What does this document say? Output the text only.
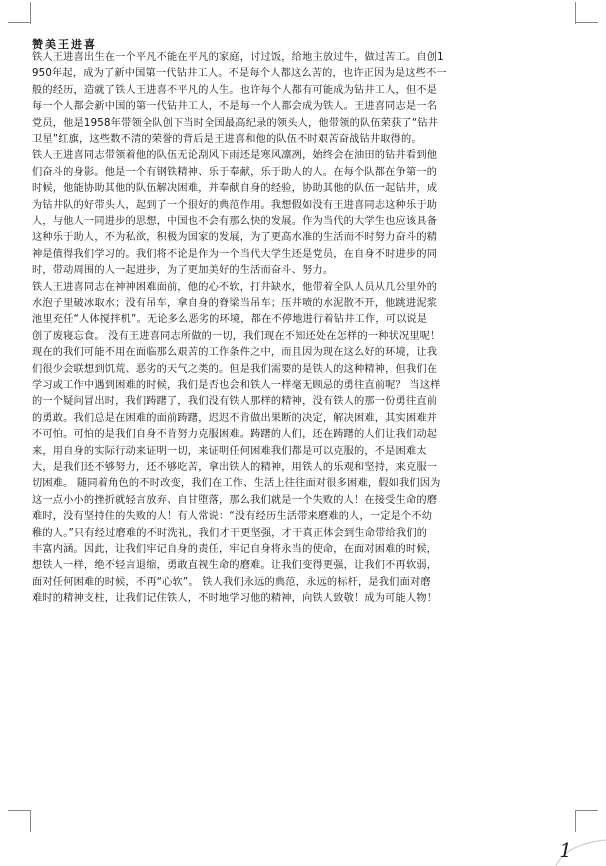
赞美王进喜
铁人王进喜出生在一个平凡不能在平凡的家庭，讨过饭，给地主放过牛，做过苦工。自创1
950年起，成为了新中国第一代钻井工人。不是每个人都这么苦的，也许正因为是这些不一
般的经历，造就了铁人王进喜不平凡的人生。也许每个人都有可能成为钻井工人，但不是
每一个人都会新中国的第一代钻井工人，不是每一个人都会成为铁人。王进喜同志是一名
党员，他是1958年带领全队创下当时全国最高纪录的领头人，他带领的队伍荣获了“钻井
卫星”红旗，这些数不清的荣誉的背后是王进喜和他的队伍不时艰苦奋战钻井取得的。
铁人王进喜同志带领着他的队伍无论刮风下雨还是寒风凛冽，始终会在油田的钻井看到他
们奋斗的身影。他是一个有钢铁精神、乐于奉献，乐于助人的人。在每个队都在争第一的
时候，他能协助其他的队伍解决困难，并奉献自身的经验，协助其他的队伍一起钻井，成
为钻井队的好带头人，起到了一个很好的典范作用。我想假如没有王进喜同志这种乐于助
人，与他人一同进步的思想，中国也不会有那么快的发展。作为当代的大学生也应该具备
这种乐于助人，不为私欲，积极为国家的发展，为了更高水准的生活而不时努力奋斗的精
神是值得我们学习的。我们将不论是作为一个当代大学生还是党员，在自身不时进步的同
时，带动周围的人一起进步，为了更加美好的生活而奋斗、努力。
铁人王进喜同志在神神困难面前，他的心不软，打井缺水，他带着全队人员从几公里外的
水泡子里破冰取水；没有吊车，拿自身的脊梁当吊车；压井喷的水泥散不开，他跳进泥浆
池里充任“人体搅拌机”。无论多么恶劣的环境，都在不停地进行着钻井工作，可以说是
创了废寝忘食。 没有王进喜同志所做的一切，我们现在不知还处在怎样的一种状况里呢！
现在的我们可能不用在面临那么艰苦的工作条件之中，而且因为现在这么好的环境，让我
们很少会联想到饥荒、恶劣的天气之类的。但是我们需要的是铁人的这种精神，但我们在
学习或工作中遇到困难的时候，我们是否也会和铁人一样毫无顾忌的勇往直前呢？ 当这样
的一个疑问冒出时，我们踌躇了，我们没有铁人那样的精神，没有铁人的那一份勇往直前
的勇敢。我们总是在困难的面前踌躇，迟迟不肯做出果断的决定，解决困难，其实困难并
不可怕。可怕的是我们自身不肯努力克服困难。踌躇的人们，还在踌躇的人们让我们动起
来，用自身的实际行动来证明一切，来证明任何困难我们都是可以克服的，不是困难太
大，是我们还不够努力，还不够吃苦，拿出铁人的精神，用铁人的乐观和坚持，来克服一
切困难。 随同着角色的不时改变，我们在工作、生活上往往面对很多困难，假如我们因为
这一点小小的挫折就轻言放弃、自甘堕落，那么我们就是一个失败的人！在接受生命的磨
难时，没有坚持住的失败的人！有人常说：“没有经历生活带来磨难的人，一定是个不幼
稚的人。”只有经过磨难的不时洗礼，我们才干更坚强，才干真正体会到生命带给我们的
丰富内涵。因此，让我们牢记自身的责任，牢记自身将永当的使命，在面对困难的时候，
想铁人一样，绝不轻言退缩，勇敢直视生命的磨难。让我们变得更强，让我们不再软弱，
面对任何困难的时候，不再“心软”。 铁人我们永远的典范，永远的标杆，是我们面对磨
难时的精神支柱，让我们记住铁人，不时地学习他的精神，向铁人致敬！成为可能人物！
1
